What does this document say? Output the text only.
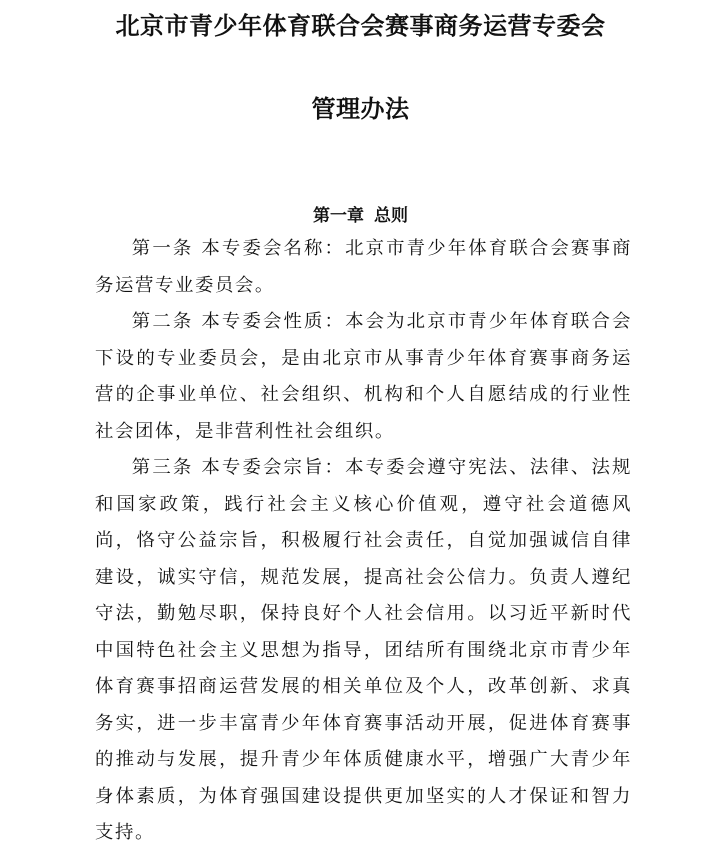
北京市青少年体育联合会赛事商务运营专委会
管理办法
第一章 总则

第一条 本专委会名称：北京市青少年体育联合会赛事商务运营专业委员会。

第二条 本专委会性质：本会为北京市青少年体育联合会下设的专业委员会，是由北京市从事青少年体育赛事商务运营的企事业单位、社会组织、机构和个人自愿结成的行业性社会团体，是非营利性社会组织。

第三条 本专委会宗旨：本专委会遵守宪法、法律、法规和国家政策，践行社会主义核心价值观，遵守社会道德风尚，恪守公益宗旨，积极履行社会责任，自觉加强诚信自律建设，诚实守信，规范发展，提高社会公信力。负责人遵纪守法，勤勉尽职，保持良好个人社会信用。以习近平新时代中国特色社会主义思想为指导，团结所有围绕北京市青少年体育赛事招商运营发展的相关单位及个人，改革创新、求真务实，进一步丰富青少年体育赛事活动开展，促进体育赛事的推动与发展，提升青少年体质健康水平，增强广大青少年身体素质，为体育强国建设提供更加坚实的人才保证和智力支持。
